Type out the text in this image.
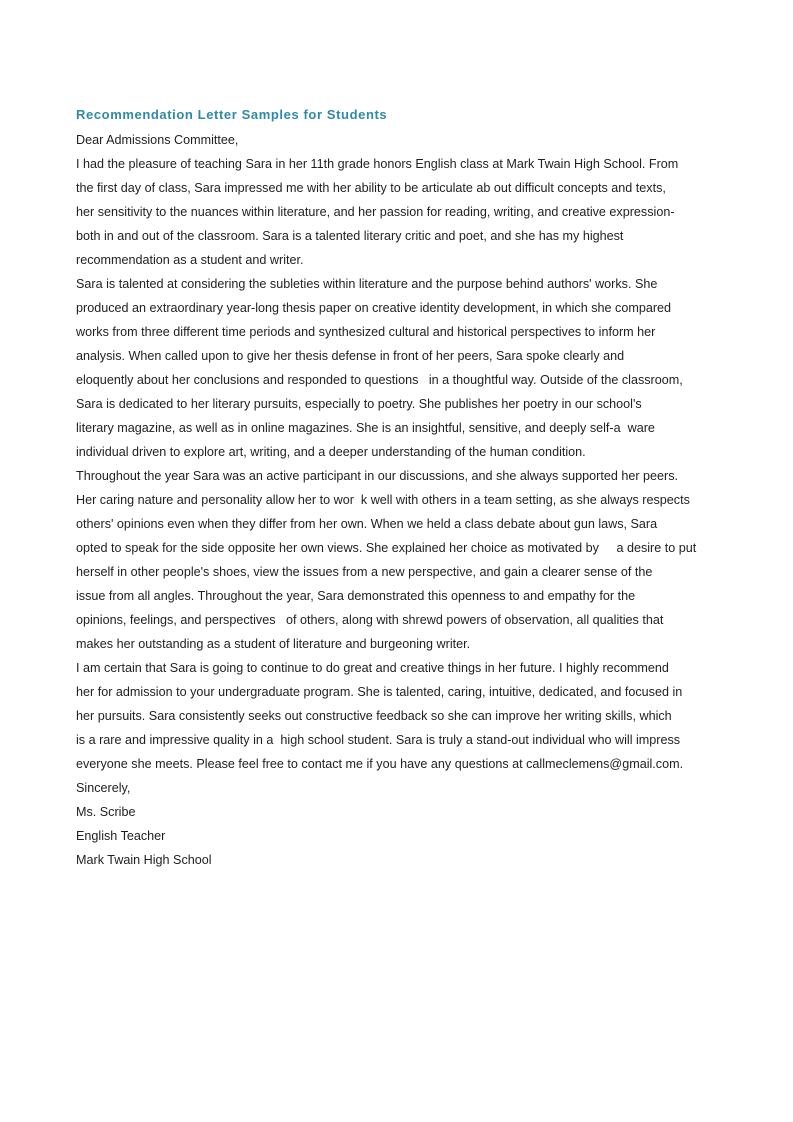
Recommendation Letter Samples for Students
Dear Admissions Committee,
I had the pleasure of teaching Sara in her 11th grade honors English class at Mark Twain High School. From
the first day of class, Sara impressed me with her ability to be articulate ab out difficult concepts and texts,
her sensitivity to the nuances within literature, and her passion for reading, writing, and creative expression-
both in and out of the classroom. Sara is a talented literary critic and poet, and she has my highest
recommendation as a student and writer.
Sara is talented at considering the subleties within literature and the purpose behind authors' works. She
produced an extraordinary year-long thesis paper on creative identity development, in which she compared
works from three different time periods and synthesized cultural and historical perspectives to inform her
analysis. When called upon to give her thesis defense in front of her peers, Sara spoke clearly and
eloquently about her conclusions and responded to questions   in a thoughtful way. Outside of the classroom,
Sara is dedicated to her literary pursuits, especially to poetry. She publishes her poetry in our school's
literary magazine, as well as in online magazines. She is an insightful, sensitive, and deeply self-a  ware
individual driven to explore art, writing, and a deeper understanding of the human condition.
Throughout the year Sara was an active participant in our discussions, and she always supported her peers.
Her caring nature and personality allow her to wor  k well with others in a team setting, as she always respects
others' opinions even when they differ from her own. When we held a class debate about gun laws, Sara
opted to speak for the side opposite her own views. She explained her choice as motivated by     a desire to put
herself in other people's shoes, view the issues from a new perspective, and gain a clearer sense of the
issue from all angles. Throughout the year, Sara demonstrated this openness to and empathy for the
opinions, feelings, and perspectives   of others, along with shrewd powers of observation, all qualities that
makes her outstanding as a student of literature and burgeoning writer.
I am certain that Sara is going to continue to do great and creative things in her future. I highly recommend
her for admission to your undergraduate program. She is talented, caring, intuitive, dedicated, and focused in
her pursuits. Sara consistently seeks out constructive feedback so she can improve her writing skills, which
is a rare and impressive quality in a  high school student. Sara is truly a stand-out individual who will impress
everyone she meets. Please feel free to contact me if you have any questions at callmeclemens@gmail.com.
Sincerely,
Ms. Scribe
English Teacher
Mark Twain High School
